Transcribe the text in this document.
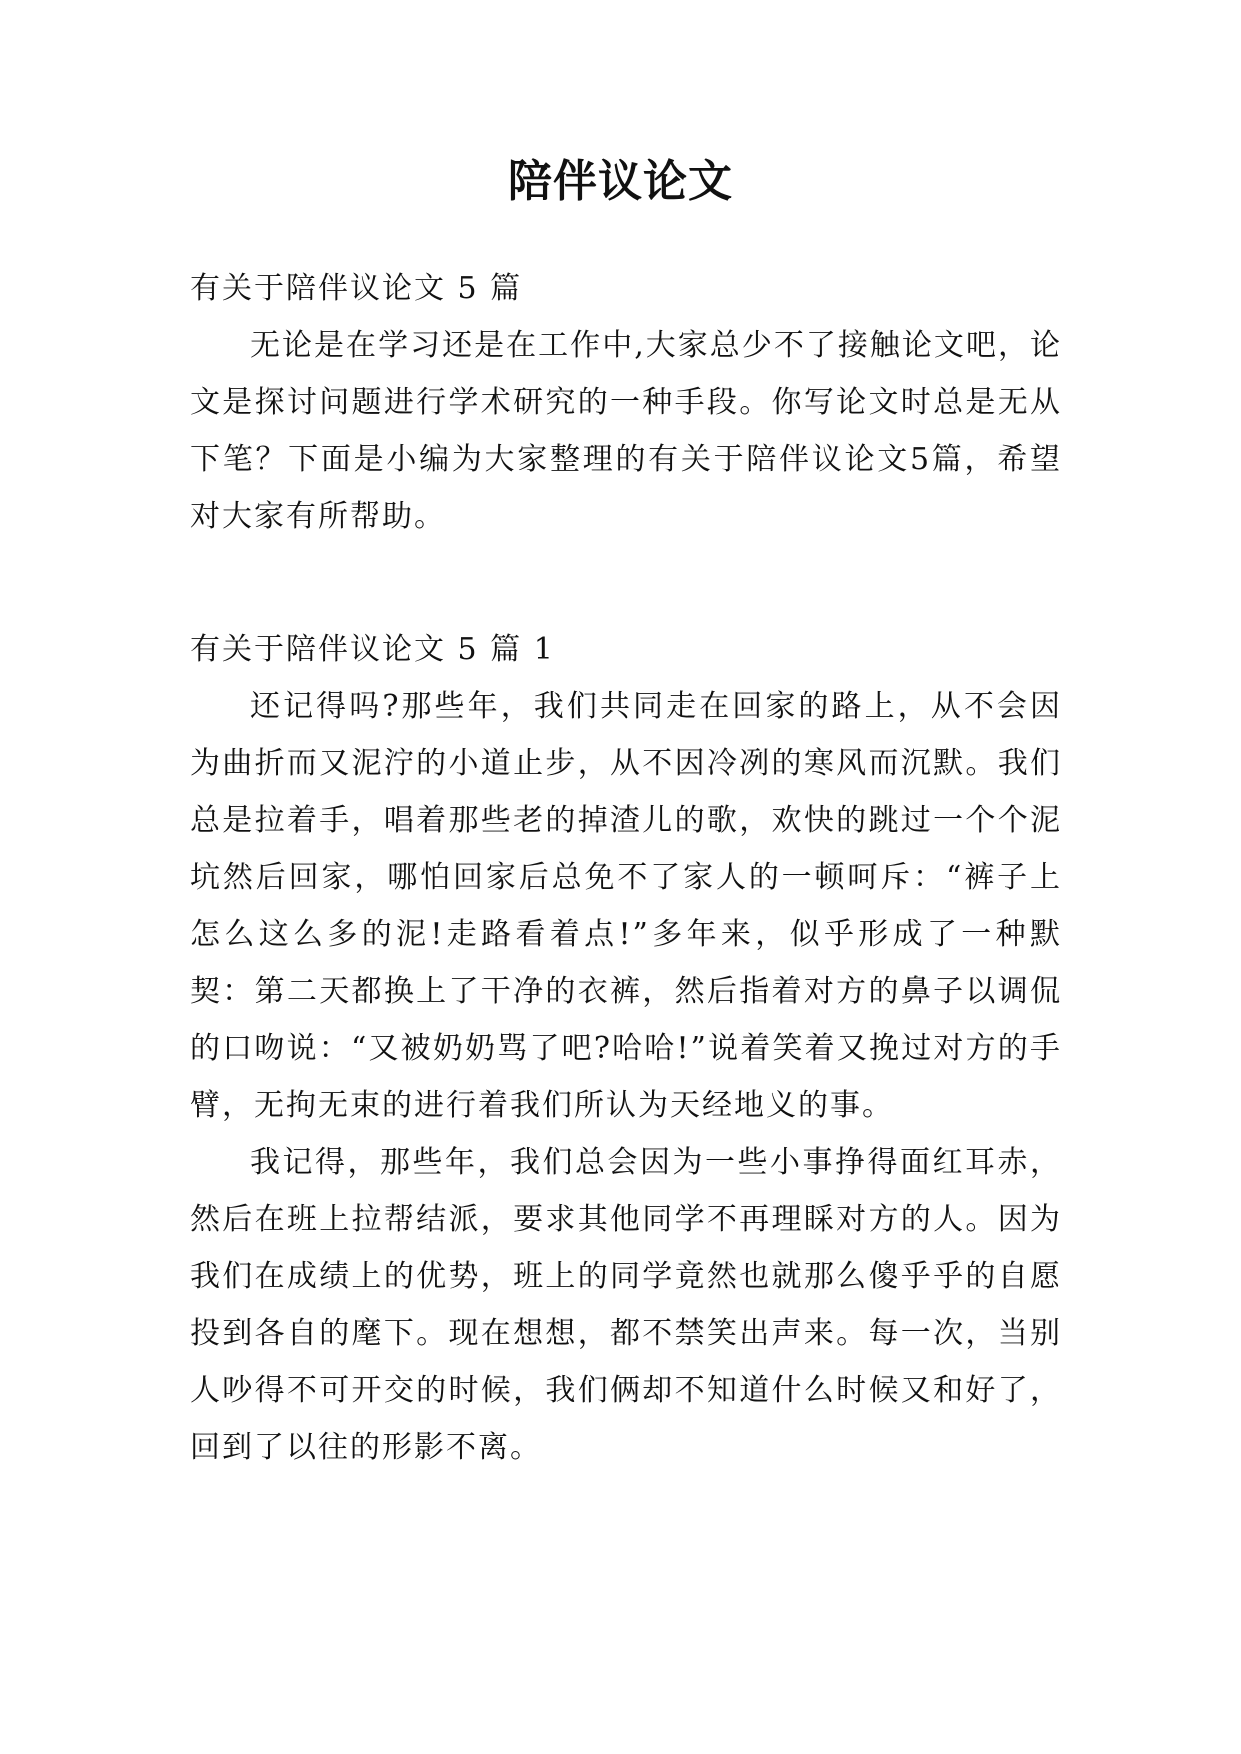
陪伴议论文
有关于陪伴议论文 5 篇

无论是在学习还是在工作中,大家总少不了接触论文吧，论文是探讨问题进行学术研究的一种手段。你写论文时总是无从下笔？下面是小编为大家整理的有关于陪伴议论文5篇，希望对大家有所帮助。

有关于陪伴议论文 5 篇 1

还记得吗?那些年，我们共同走在回家的路上，从不会因为曲折而又泥泞的小道止步，从不因冷冽的寒风而沉默。我们总是拉着手，唱着那些老的掉渣儿的歌，欢快的跳过一个个泥坑然后回家，哪怕回家后总免不了家人的一顿呵斥：“裤子上怎么这么多的泥!走路看着点!”多年来，似乎形成了一种默契：第二天都换上了干净的衣裤，然后指着对方的鼻子以调侃的口吻说：“又被奶奶骂了吧?哈哈!”说着笑着又挽过对方的手臂，无拘无束的进行着我们所认为天经地义的事。

我记得，那些年，我们总会因为一些小事挣得面红耳赤，然后在班上拉帮结派，要求其他同学不再理睬对方的人。因为我们在成绩上的优势，班上的同学竟然也就那么傻乎乎的自愿投到各自的麾下。现在想想，都不禁笑出声来。每一次，当别人吵得不可开交的时候，我们俩却不知道什么时候又和好了，回到了以往的形影不离。
